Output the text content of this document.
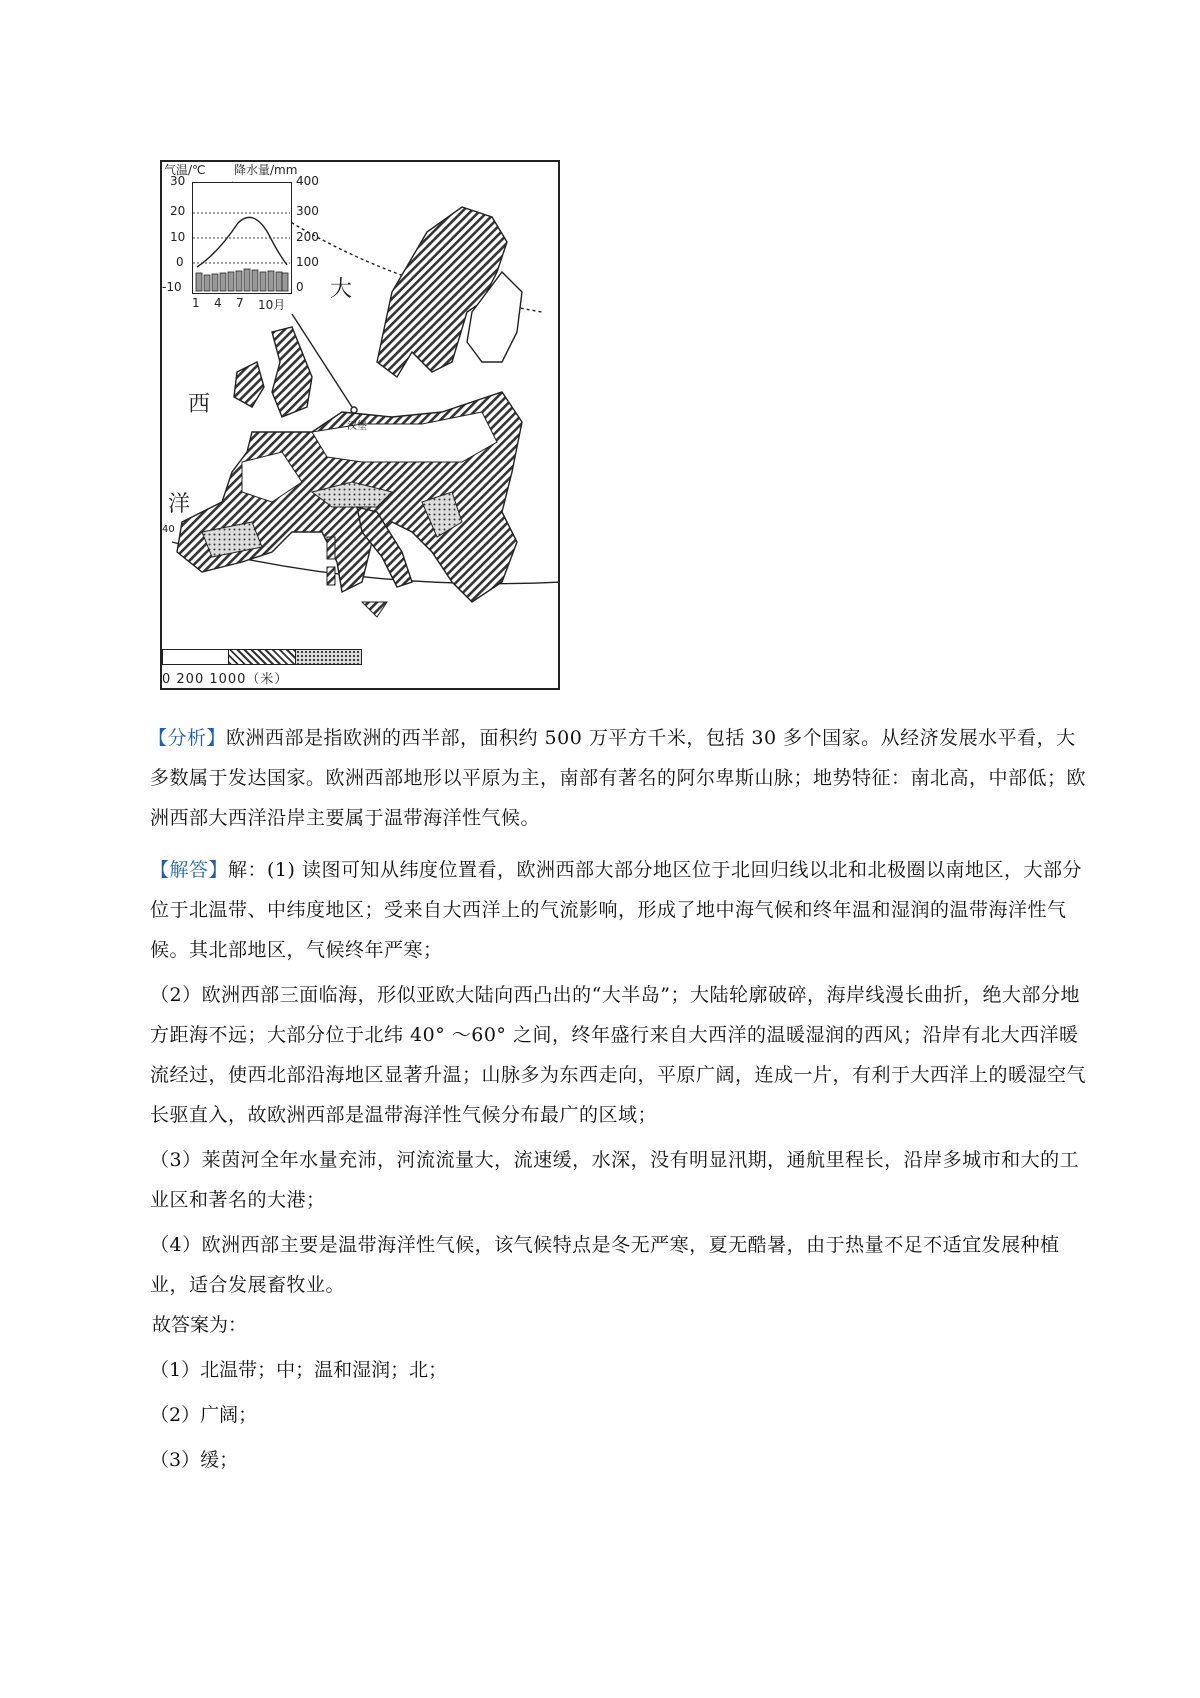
气温/℃ 降水量/mm
30
20
10
0
-10
400
300
200
100
0
1 4 7 10月
大
西
洋
汉堡
40
0 200 1000（米）
【分析】欧洲西部是指欧洲的西半部，面积约 500 万平方千米，包括 30 多个国家。从经济发展水平看，大多数属于发达国家。欧洲西部地形以平原为主，南部有著名的阿尔卑斯山脉；地势特征：南北高，中部低；欧洲西部大西洋沿岸主要属于温带海洋性气候。
【解答】解：(1) 读图可知从纬度位置看，欧洲西部大部分地区位于北回归线以北和北极圈以南地区，大部分位于北温带、中纬度地区；受来自大西洋上的气流影响，形成了地中海气候和终年温和湿润的温带海洋性气候。其北部地区，气候终年严寒；
（2）欧洲西部三面临海，形似亚欧大陆向西凸出的“大半岛”；大陆轮廓破碎，海岸线漫长曲折，绝大部分地方距海不远；大部分位于北纬 40° ～60° 之间，终年盛行来自大西洋的温暖湿润的西风；沿岸有北大西洋暖流经过，使西北部沿海地区显著升温；山脉多为东西走向，平原广阔，连成一片，有利于大西洋上的暖湿空气长驱直入，故欧洲西部是温带海洋性气候分布最广的区域；
（3）莱茵河全年水量充沛，河流流量大，流速缓，水深，没有明显汛期，通航里程长，沿岸多城市和大的工业区和著名的大港；
（4）欧洲西部主要是温带海洋性气候，该气候特点是冬无严寒，夏无酷暑，由于热量不足不适宜发展种植业，适合发展畜牧业。
故答案为：
（1）北温带；中；温和湿润；北；
（2）广阔；
（3）缓；
